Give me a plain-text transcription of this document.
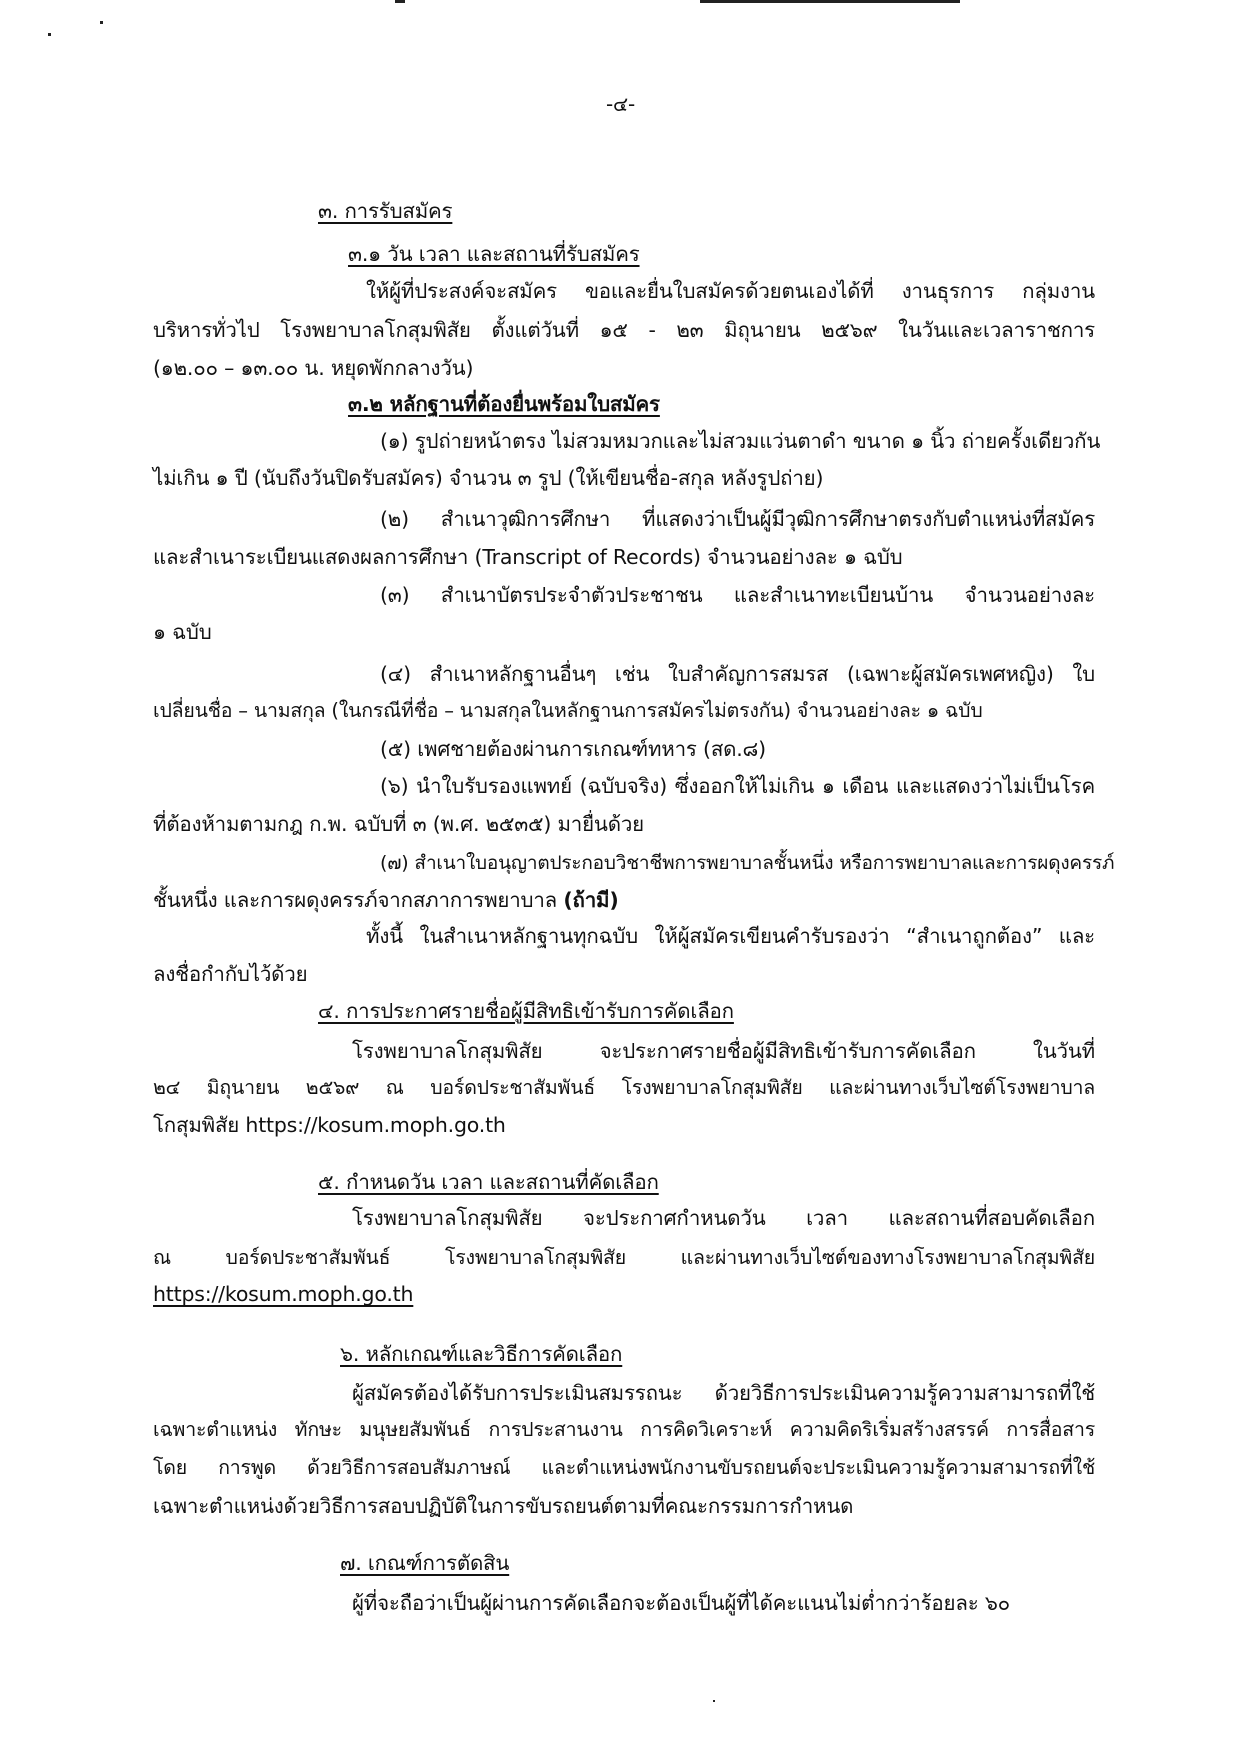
-๔-
๓. การรับสมัคร
๓.๑ วัน เวลา และสถานที่รับสมัคร
ให้ผู้ที่ประสงค์จะสมัคร ขอและยื่นใบสมัครด้วยตนเองได้ที่ งานธุรการ กลุ่มงาน
บริหารทั่วไป โรงพยาบาลโกสุมพิสัย ตั้งแต่วันที่ ๑๕ - ๒๓ มิถุนายน ๒๕๖๙ ในวันและเวลาราชการ
(๑๒.๐๐ – ๑๓.๐๐ น. หยุดพักกลางวัน)
๓.๒ หลักฐานที่ต้องยื่นพร้อมใบสมัคร
(๑) รูปถ่ายหน้าตรง ไม่สวมหมวกและไม่สวมแว่นตาดำ ขนาด ๑ นิ้ว ถ่ายครั้งเดียวกัน
ไม่เกิน ๑ ปี (นับถึงวันปิดรับสมัคร) จำนวน ๓ รูป (ให้เขียนชื่อ-สกุล หลังรูปถ่าย)
(๒) สำเนาวุฒิการศึกษา ที่แสดงว่าเป็นผู้มีวุฒิการศึกษาตรงกับตำแหน่งที่สมัคร
และสำเนาระเบียนแสดงผลการศึกษา (Transcript of Records) จำนวนอย่างละ ๑ ฉบับ
(๓) สำเนาบัตรประจำตัวประชาชน และสำเนาทะเบียนบ้าน จำนวนอย่างละ
๑ ฉบับ
(๔) สำเนาหลักฐานอื่นๆ เช่น ใบสำคัญการสมรส (เฉพาะผู้สมัครเพศหญิง) ใบ
เปลี่ยนชื่อ – นามสกุล (ในกรณีที่ชื่อ – นามสกุลในหลักฐานการสมัครไม่ตรงกัน) จำนวนอย่างละ ๑ ฉบับ
(๕) เพศชายต้องผ่านการเกณฑ์ทหาร (สด.๘)
(๖) นำใบรับรองแพทย์ (ฉบับจริง) ซึ่งออกให้ไม่เกิน ๑ เดือน และแสดงว่าไม่เป็นโรค
ที่ต้องห้ามตามกฎ ก.พ. ฉบับที่ ๓ (พ.ศ. ๒๕๓๕) มายื่นด้วย
(๗) สำเนาใบอนุญาตประกอบวิชาชีพการพยาบาลชั้นหนึ่ง หรือการพยาบาลและการผดุงครรภ์
ชั้นหนึ่ง และการผดุงครรภ์จากสภาการพยาบาล (ถ้ามี)
ทั้งนี้ ในสำเนาหลักฐานทุกฉบับ ให้ผู้สมัครเขียนคำรับรองว่า “สำเนาถูกต้อง” และ
ลงชื่อกำกับไว้ด้วย
๔. การประกาศรายชื่อผู้มีสิทธิเข้ารับการคัดเลือก
โรงพยาบาลโกสุมพิสัย จะประกาศรายชื่อผู้มีสิทธิเข้ารับการคัดเลือก ในวันที่
๒๔ มิถุนายน ๒๕๖๙ ณ บอร์ดประชาสัมพันธ์ โรงพยาบาลโกสุมพิสัย และผ่านทางเว็บไซต์โรงพยาบาล
โกสุมพิสัย https://kosum.moph.go.th
๕. กำหนดวัน เวลา และสถานที่คัดเลือก
โรงพยาบาลโกสุมพิสัย จะประกาศกำหนดวัน เวลา และสถานที่สอบคัดเลือก
ณ บอร์ดประชาสัมพันธ์ โรงพยาบาลโกสุมพิสัย และผ่านทางเว็บไซต์ของทางโรงพยาบาลโกสุมพิสัย
https://kosum.moph.go.th
๖. หลักเกณฑ์และวิธีการคัดเลือก
ผู้สมัครต้องได้รับการประเมินสมรรถนะ ด้วยวิธีการประเมินความรู้ความสามารถที่ใช้
เฉพาะตำแหน่ง ทักษะ มนุษยสัมพันธ์ การประสานงาน การคิดวิเคราะห์ ความคิดริเริ่มสร้างสรรค์ การสื่อสาร
โดย การพูด ด้วยวิธีการสอบสัมภาษณ์ และตำแหน่งพนักงานขับรถยนต์จะประเมินความรู้ความสามารถที่ใช้
เฉพาะตำแหน่งด้วยวิธีการสอบปฏิบัติในการขับรถยนต์ตามที่คณะกรรมการกำหนด
๗. เกณฑ์การตัดสิน
ผู้ที่จะถือว่าเป็นผู้ผ่านการคัดเลือกจะต้องเป็นผู้ที่ได้คะแนนไม่ต่ำกว่าร้อยละ ๖๐
